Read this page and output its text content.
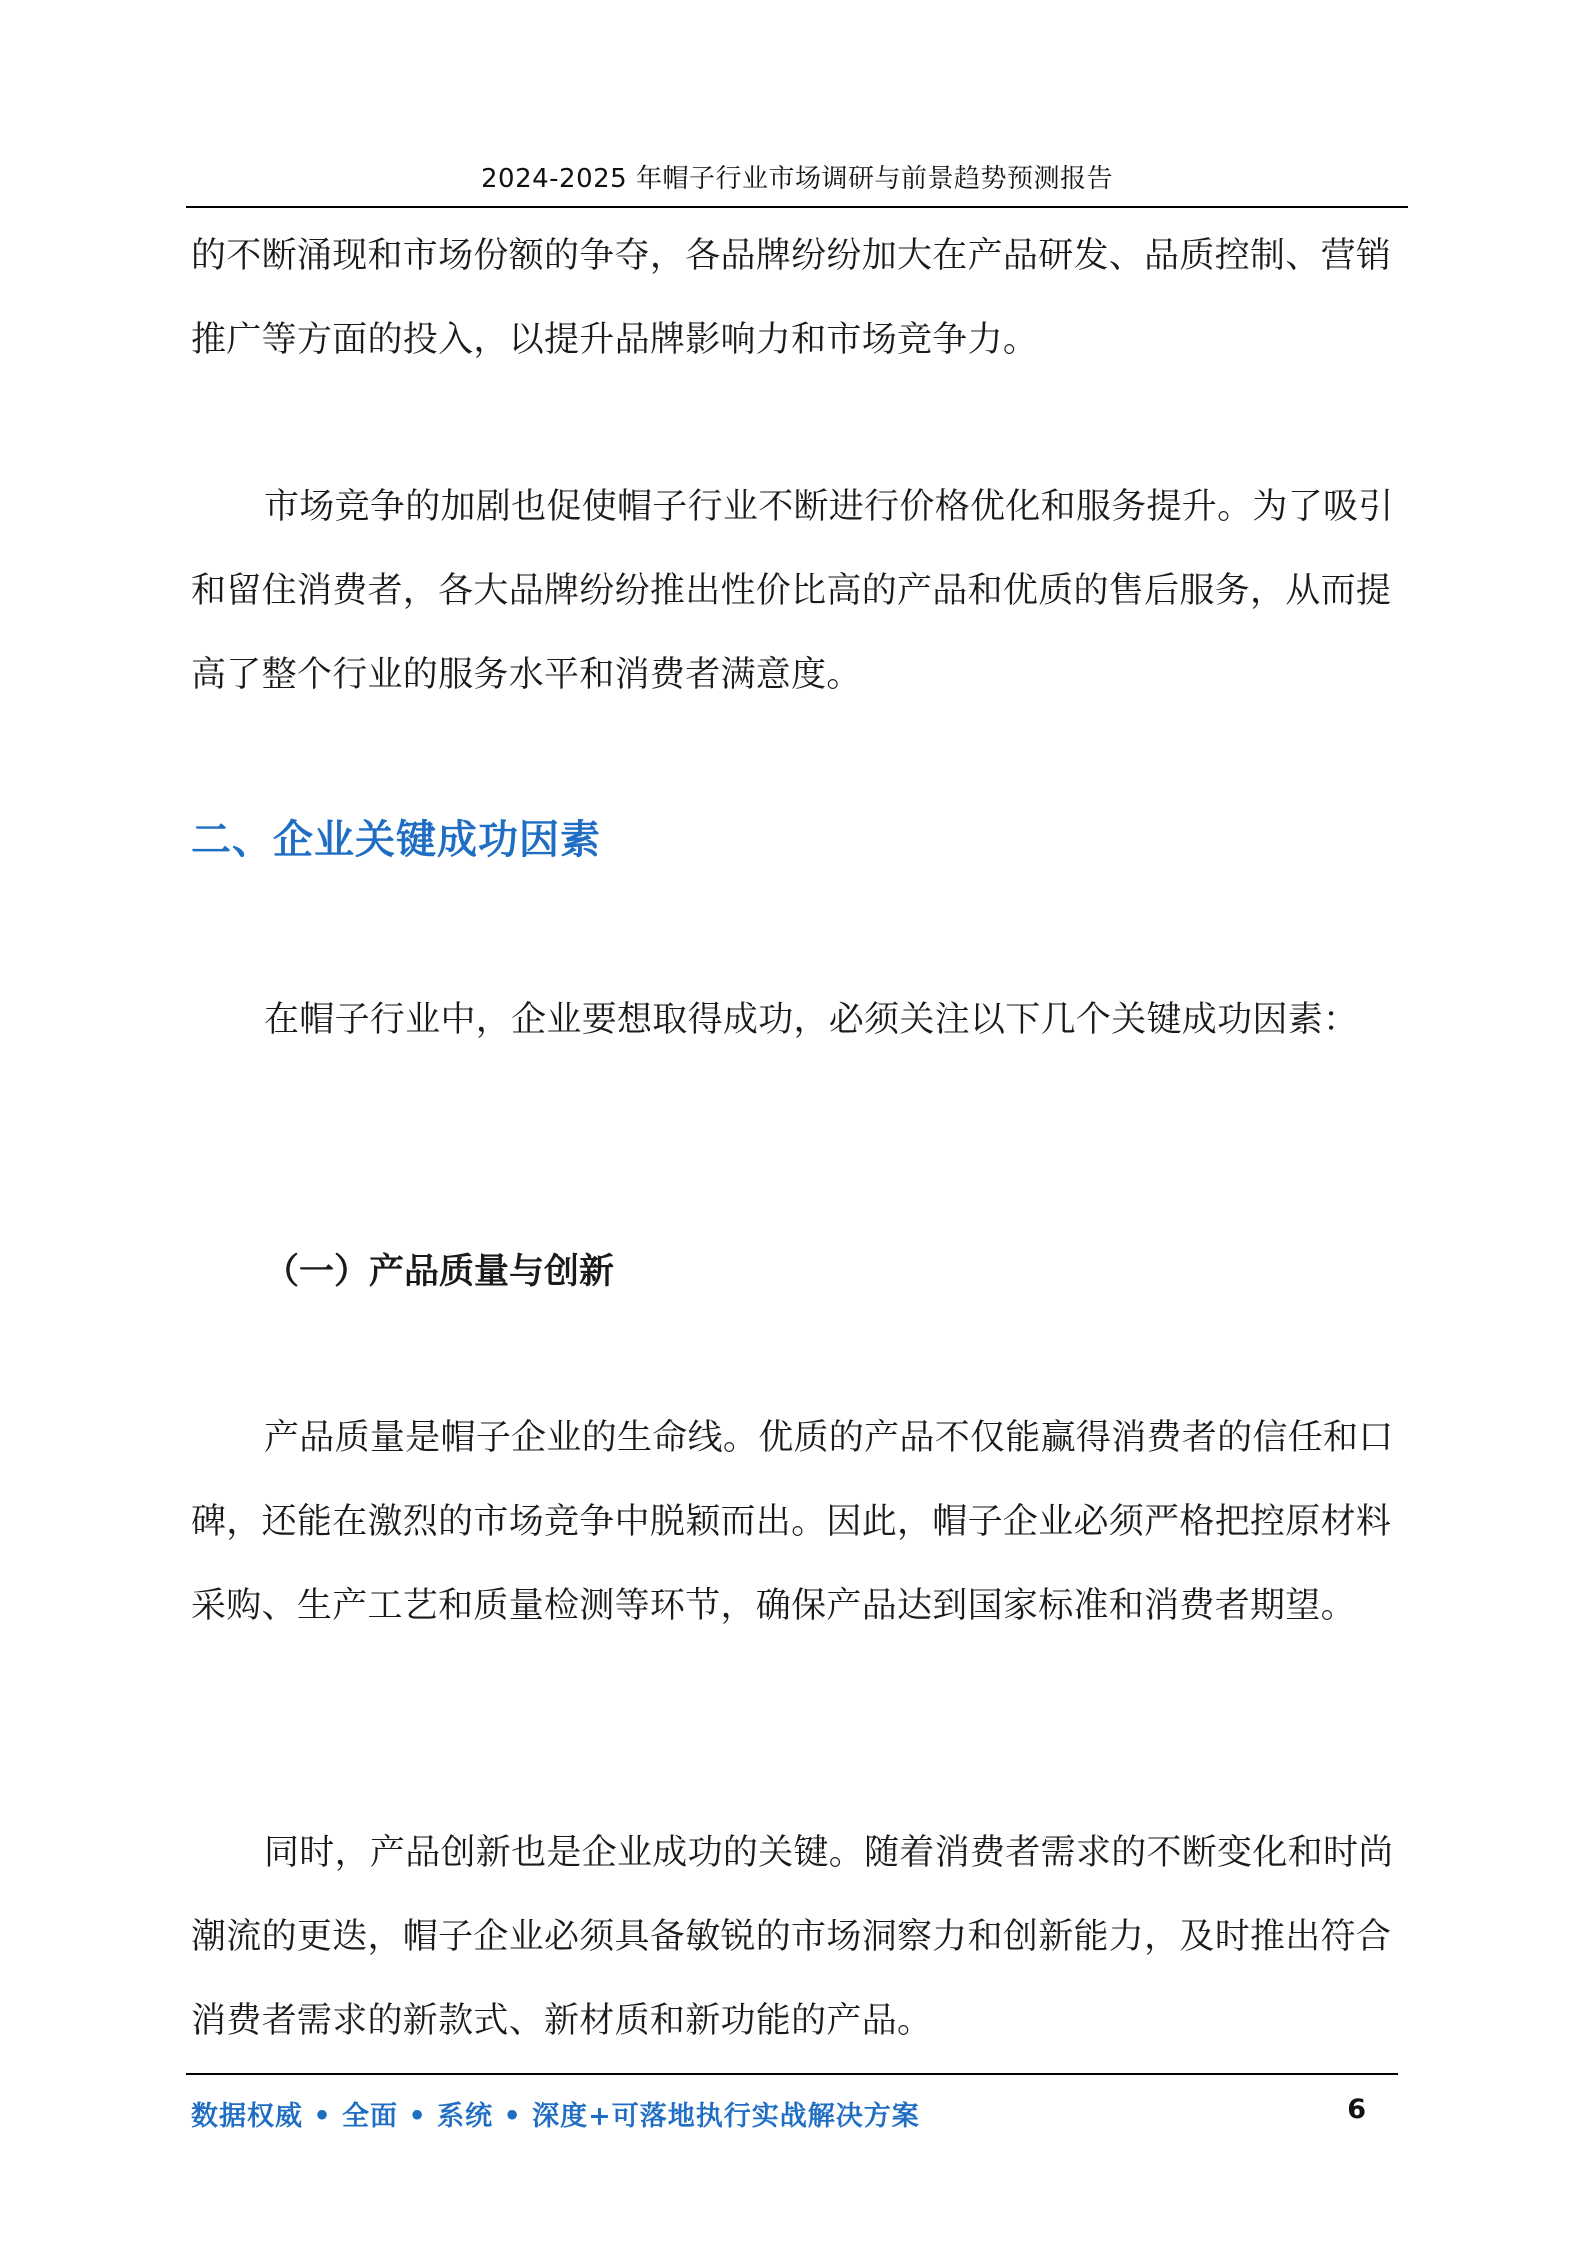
2024-2025 年帽子行业市场调研与前景趋势预测报告

的不断涌现和市场份额的争夺，各品牌纷纷加大在产品研发、品质控制、营销推广等方面的投入，以提升品牌影响力和市场竞争力。

市场竞争的加剧也促使帽子行业不断进行价格优化和服务提升。为了吸引和留住消费者，各大品牌纷纷推出性价比高的产品和优质的售后服务，从而提高了整个行业的服务水平和消费者满意度。

二、企业关键成功因素

在帽子行业中，企业要想取得成功，必须关注以下几个关键成功因素：

（一）产品质量与创新

产品质量是帽子企业的生命线。优质的产品不仅能赢得消费者的信任和口碑，还能在激烈的市场竞争中脱颖而出。因此，帽子企业必须严格把控原材料采购、生产工艺和质量检测等环节，确保产品达到国家标准和消费者期望。

同时，产品创新也是企业成功的关键。随着消费者需求的不断变化和时尚潮流的更迭，帽子企业必须具备敏锐的市场洞察力和创新能力，及时推出符合消费者需求的新款式、新材质和新功能的产品。

数据权威 • 全面 • 系统 • 深度+可落地执行实战解决方案	6
